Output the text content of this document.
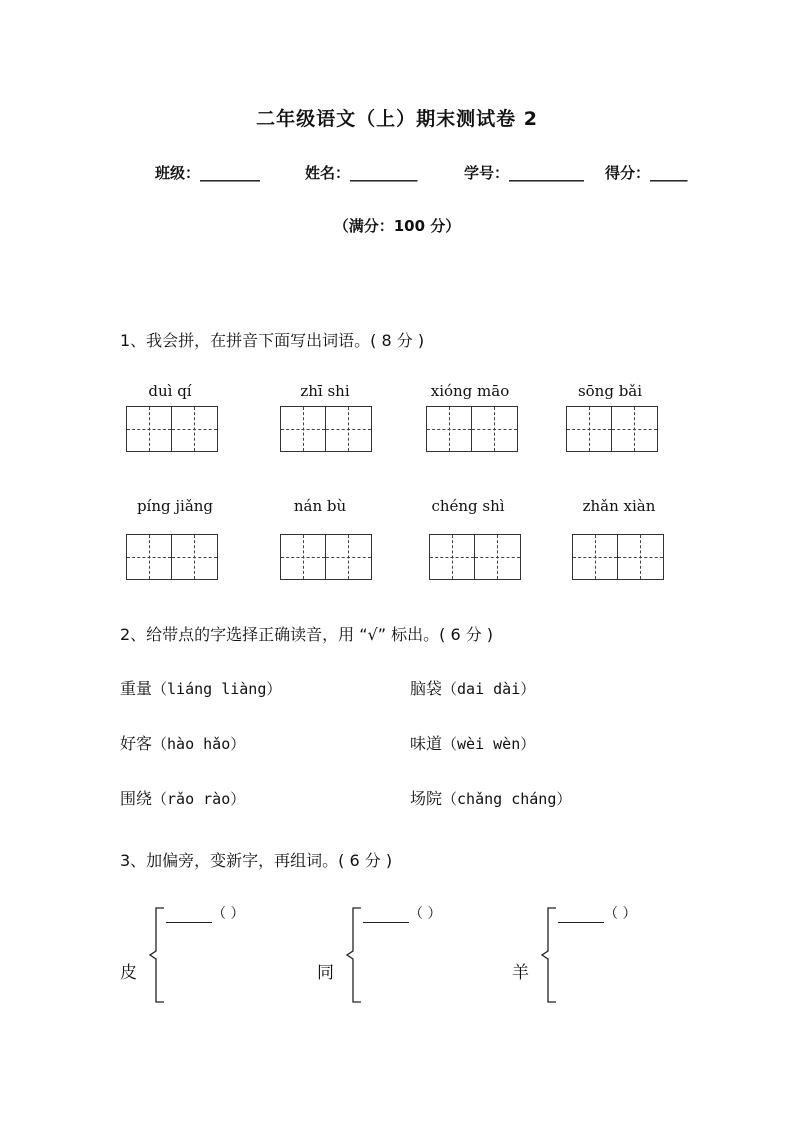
二年级语文（上）期末测试卷 2
班级：________	姓名：_________	学号：__________ 得分：_____
（满分：100 分）
1、我会拼，在拼音下面写出词语。( 8 分 )
duì qí	zhī shi	xióng māo	sōng bǎi
píng jiǎng	nán bù	chéng shì	zhǎn xiàn
2、给带点的字选择正确读音，用 “√” 标出。( 6 分 )
重量（liáng liàng）	脑袋（dai dài）
好客（hào hǎo）	味道（wèi wèn）
围绕（rǎo rào）	场院（chǎng cháng）
3、加偏旁，变新字，再组词。( 6 分 )
皮
（ ）
同
（ ）
羊
（ ）
